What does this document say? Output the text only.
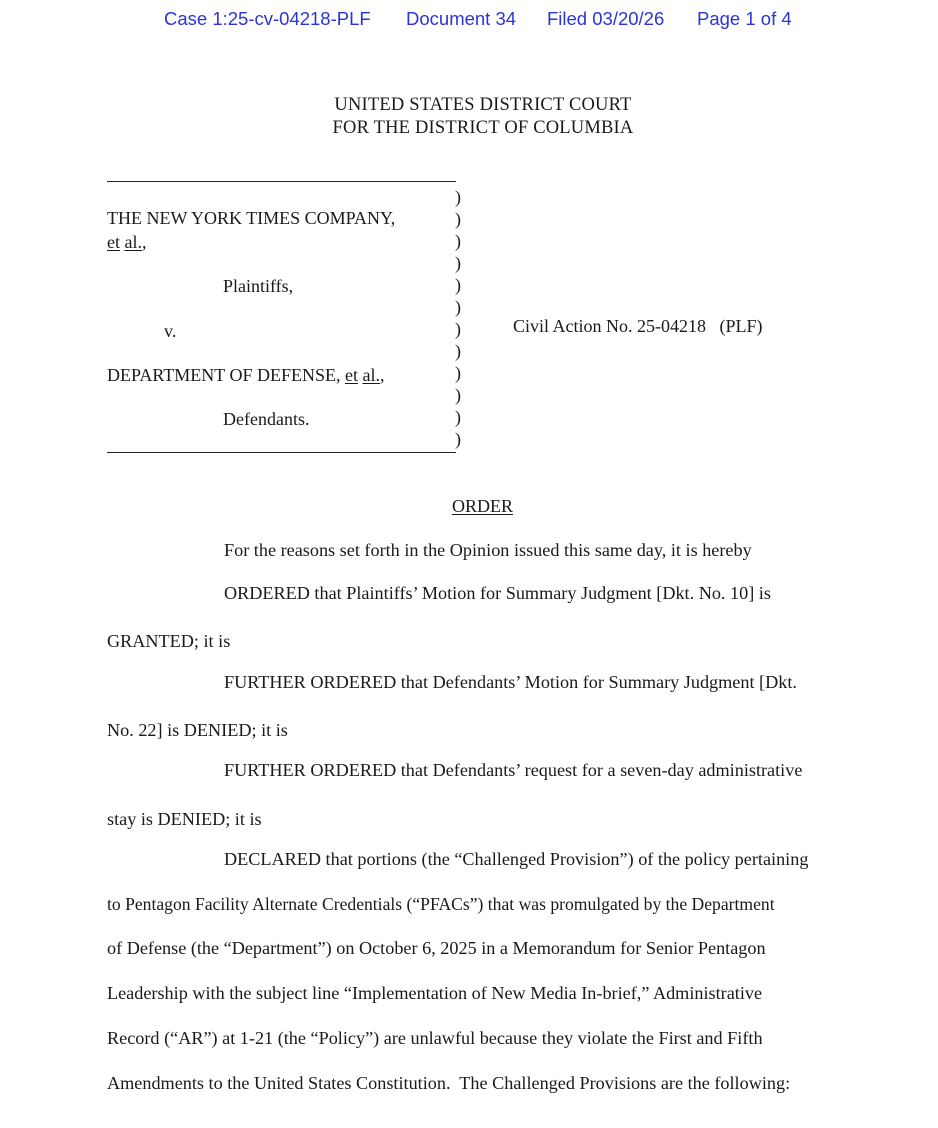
Case 1:25-cv-04218-PLF Document 34 Filed 03/20/26 Page 1 of 4
UNITED STATES DISTRICT COURT
FOR THE DISTRICT OF COLUMBIA
)
)
)
)
)
)
)
)
)
)
)
)
THE NEW YORK TIMES COMPANY,
et al.,
Plaintiffs,
v.
DEPARTMENT OF DEFENSE, et al.,
Defendants.
Civil Action No. 25-04218   (PLF)
ORDER
For the reasons set forth in the Opinion issued this same day, it is hereby
ORDERED that Plaintiffs’ Motion for Summary Judgment [Dkt. No. 10] is
GRANTED; it is
FURTHER ORDERED that Defendants’ Motion for Summary Judgment [Dkt.
No. 22] is DENIED; it is
FURTHER ORDERED that Defendants’ request for a seven-day administrative
stay is DENIED; it is
DECLARED that portions (the “Challenged Provision”) of the policy pertaining
to Pentagon Facility Alternate Credentials (“PFACs”) that was promulgated by the Department
of Defense (the “Department”) on October 6, 2025 in a Memorandum for Senior Pentagon
Leadership with the subject line “Implementation of New Media In-brief,” Administrative
Record (“AR”) at 1-21 (the “Policy”) are unlawful because they violate the First and Fifth
Amendments to the United States Constitution.  The Challenged Provisions are the following:
